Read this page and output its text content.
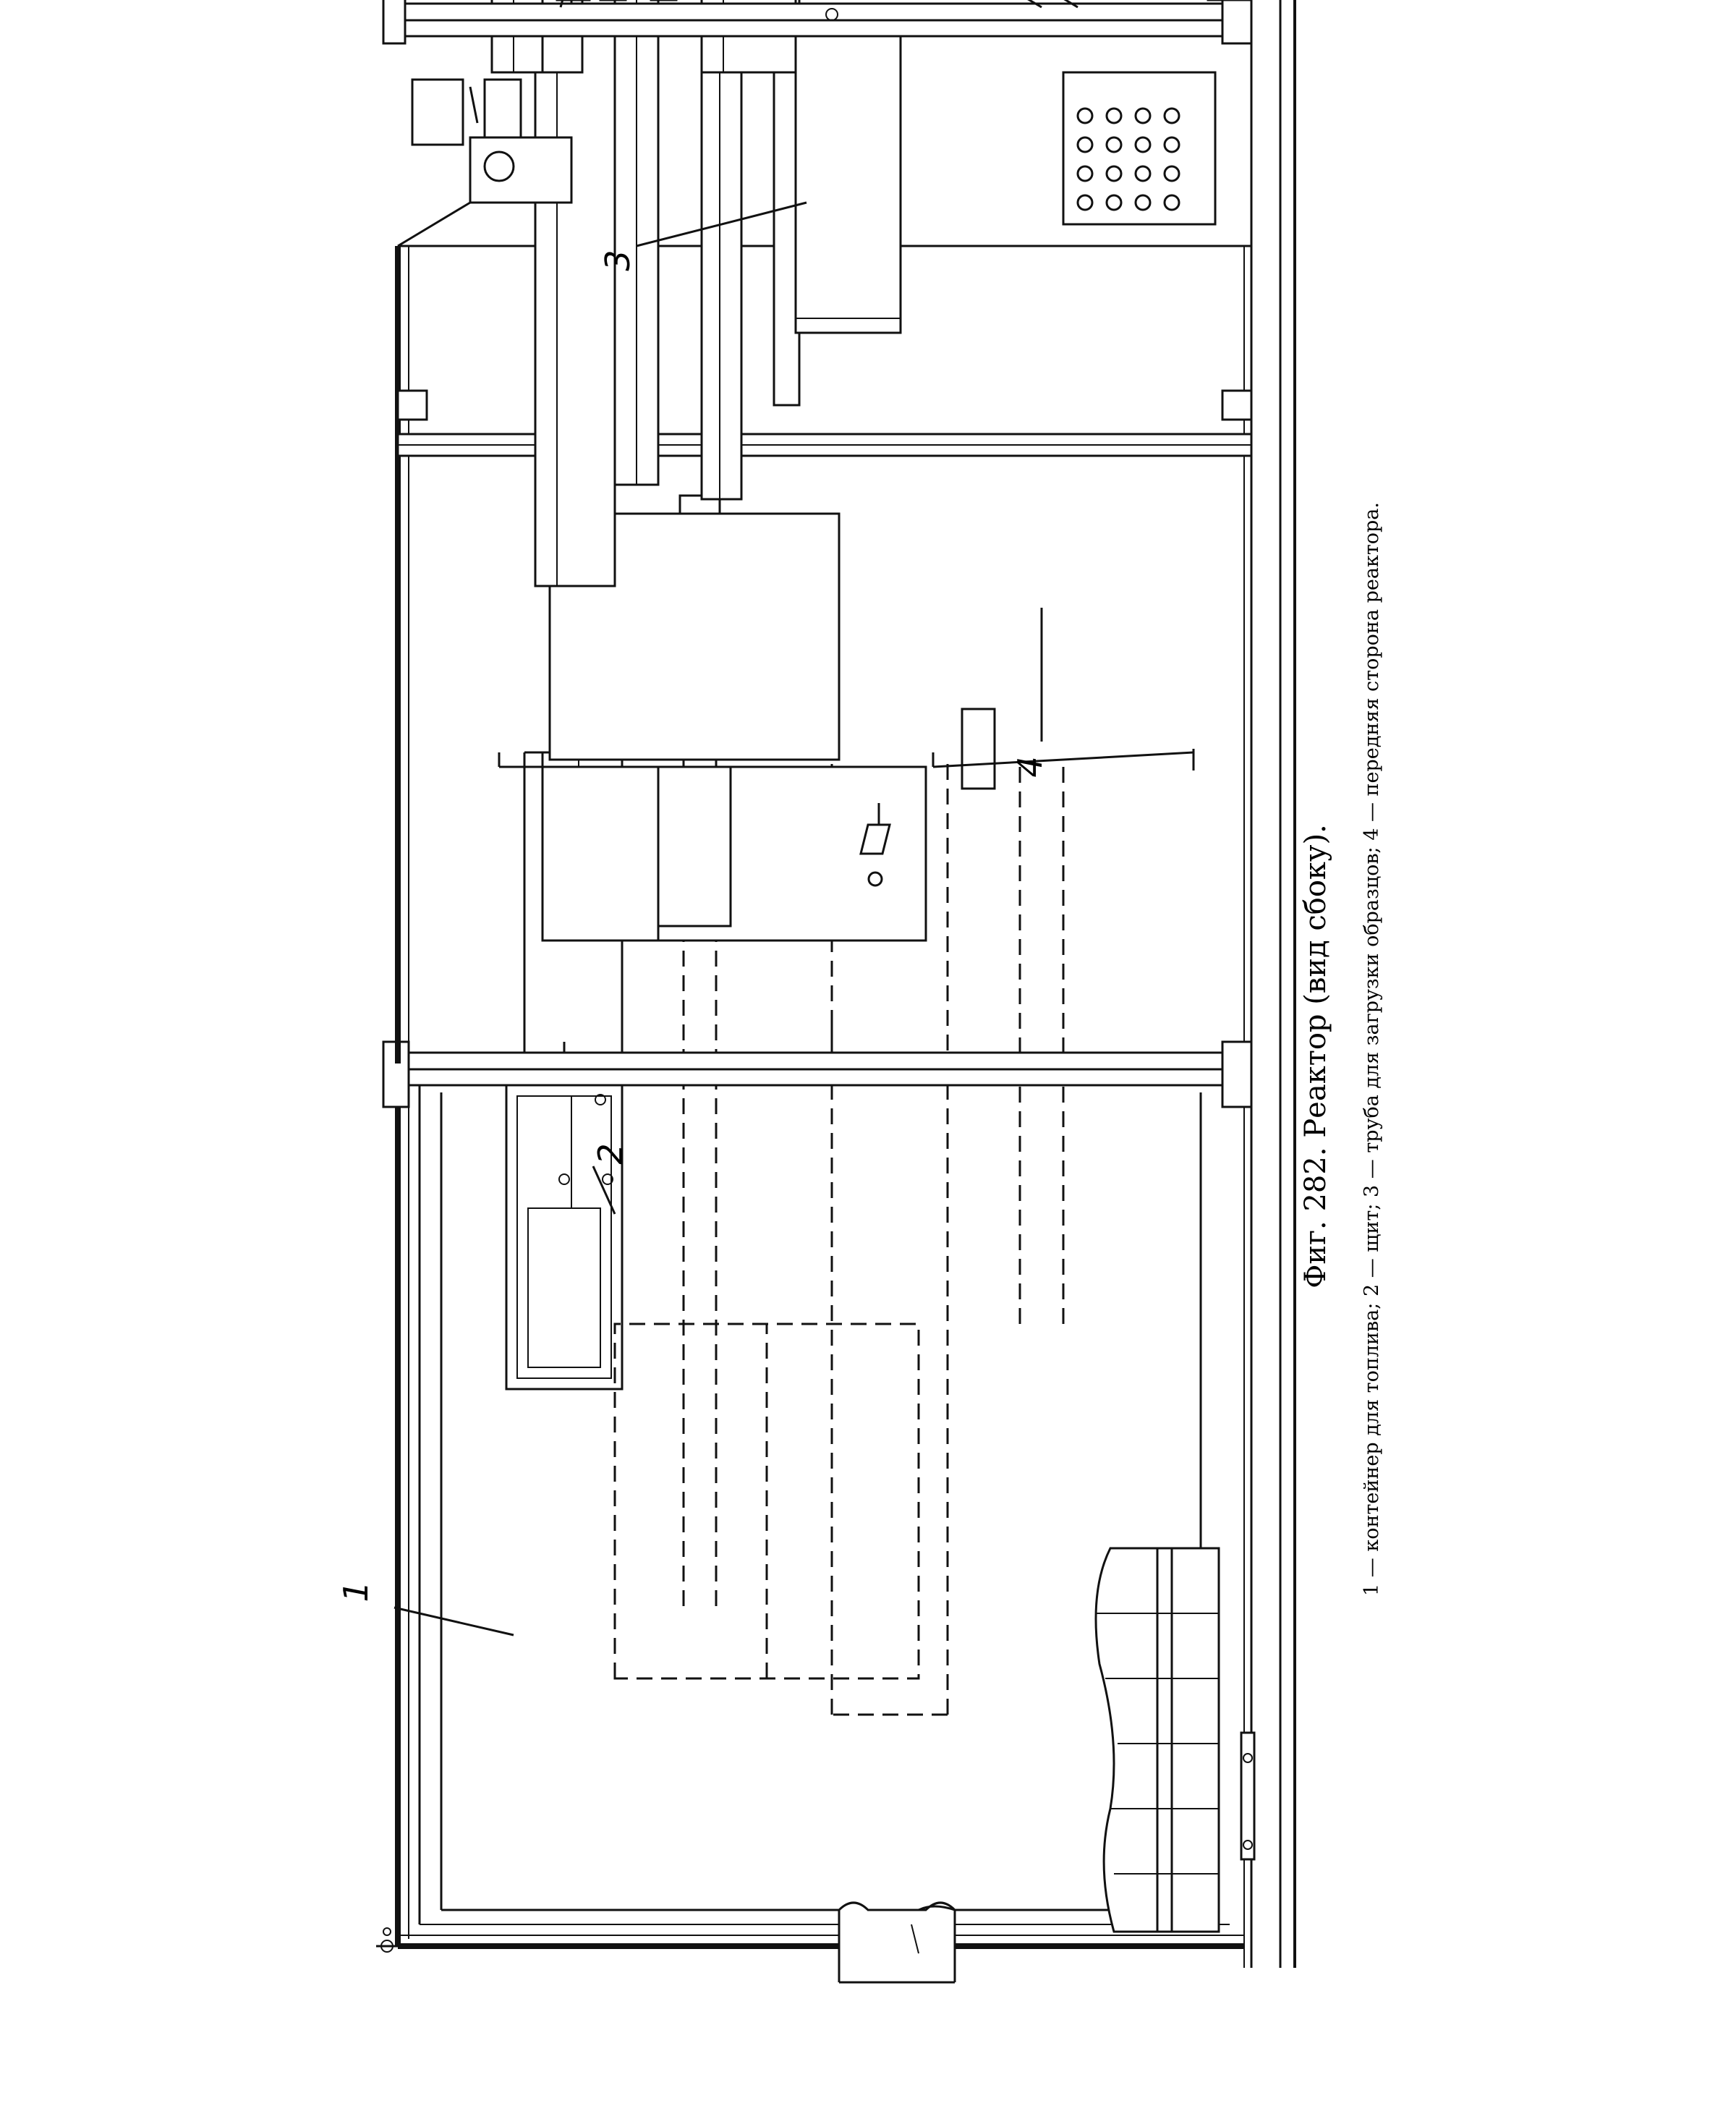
1
2
3
4
Фиг. 282. Реактор (вид сбоку). 1 — контейнер для топлива; 2 — щит; 3 — труба для загрузки образцов; 4 — передняя сторона реактора.
